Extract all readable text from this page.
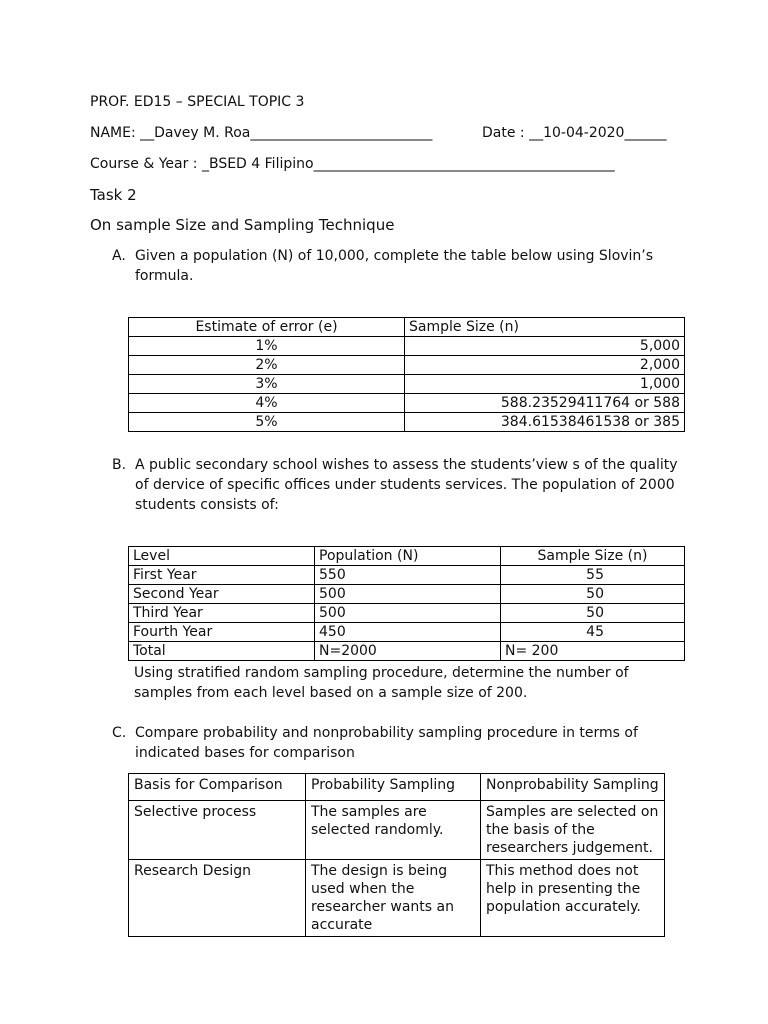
PROF. ED15 – SPECIAL TOPIC 3
NAME: __Davey M. Roa__________________________	Date : __10-04-2020______
Course & Year : _BSED 4 Filipino___________________________________________
Task 2
On sample Size and Sampling Technique
A. Given a population (N) of 10,000, complete the table below using Slovin’s formula.
Estimate of error (e)	Sample Size (n)
1%	5,000
2%	2,000
3%	1,000
4%	588.23529411764 or 588
5%	384.61538461538 or 385
B. A public secondary school wishes to assess the students’view s of the quality of dervice of specific offices under students services. The population of 2000 students consists of:
Level	Population (N)	Sample Size (n)
First Year	550	55
Second Year	500	50
Third Year	500	50
Fourth Year	450	45
Total	N=2000	N= 200
Using stratified random sampling procedure, determine the number of samples from each level based on a sample size of 200.
C. Compare probability and nonprobability sampling procedure in terms of indicated bases for comparison
Basis for Comparison	Probability Sampling	Nonprobability Sampling
Selective process	The samples are selected randomly.	Samples are selected on the basis of the researchers judgement.
Research Design	The design is being used when the researcher wants an accurate	This method does not help in presenting the population accurately.
